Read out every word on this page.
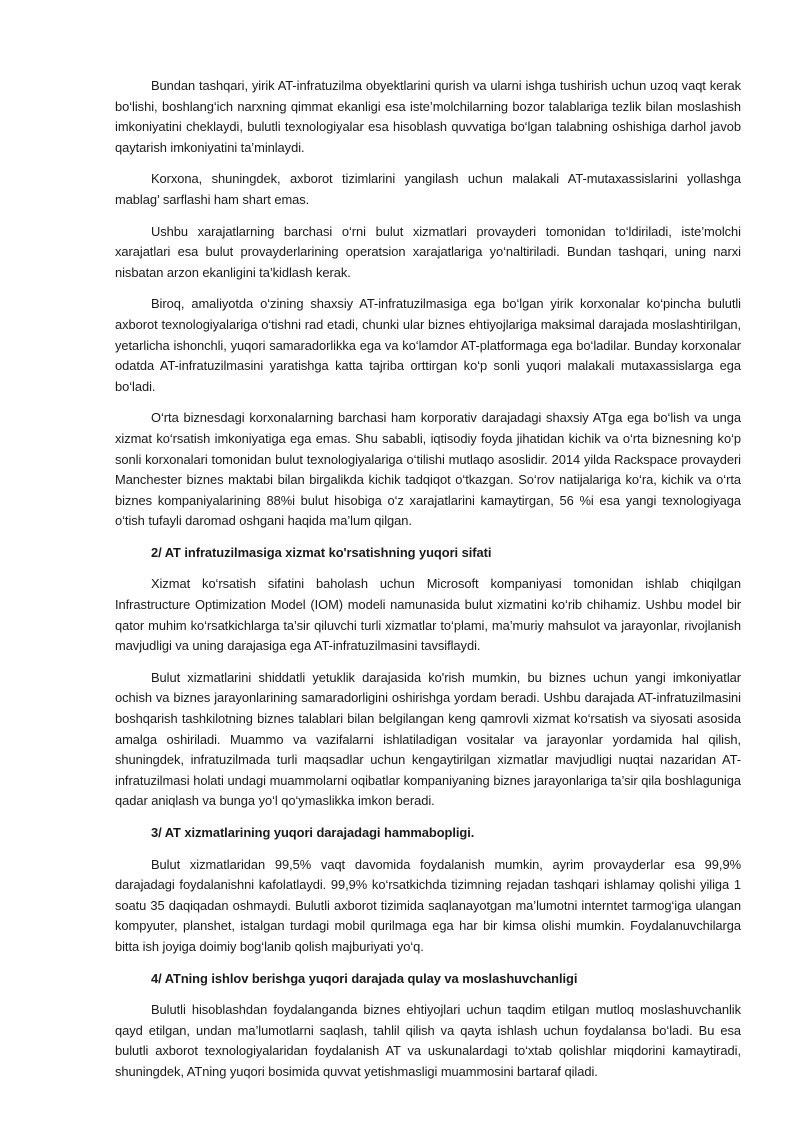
Bundan tashqari, yirik AT-infratuzilma obyektlarini qurish va ularni ishga tushirish uchun uzoq vaqt kerak bo‘lishi, boshlang‘ich narxning qimmat ekanligi esa iste’molchilarning bozor talablariga tezlik bilan moslashish imkoniyatini cheklaydi, bulutli texnologiyalar esa hisoblash quvvatiga bo‘lgan talabning oshishiga darhol javob qaytarish imkoniyatini ta’minlaydi.

Korxona, shuningdek, axborot tizimlarini yangilash uchun malakali AT-mutaxassislarini yollashga mablag’ sarflashi ham shart emas.

Ushbu xarajatlarning barchasi o‘rni bulut xizmatlari provayderi tomonidan to‘ldiriladi, iste’molchi xarajatlari esa bulut provayderlarining operatsion xarajatlariga yo‘naltiriladi. Bundan tashqari, uning narxi nisbatan arzon ekanligini ta’kidlash kerak.

Biroq, amaliyotda o‘zining shaxsiy AT-infratuzilmasiga ega bo‘lgan yirik korxonalar ko‘pincha bulutli axborot texnologiyalariga o‘tishni rad etadi, chunki ular biznes ehtiyojlariga maksimal darajada moslashtirilgan, yetarlicha ishonchli, yuqori samaradorlikka ega va ko‘lamdor AT-platformaga ega bo‘ladilar. Bunday korxonalar odatda AT-infratuzilmasini yaratishga katta tajriba orttirgan ko‘p sonli yuqori malakali mutaxassislarga ega bo‘ladi.

O‘rta biznesdagi korxonalarning barchasi ham korporativ darajadagi shaxsiy ATga ega bo‘lish va unga xizmat ko‘rsatish imkoniyatiga ega emas. Shu sababli, iqtisodiy foyda jihatidan kichik va o‘rta biznesning ko‘p sonli korxonalari tomonidan bulut texnologiyalariga o‘tilishi mutlaqo asoslidir. 2014 yilda Rackspace provayderi Manchester biznes maktabi bilan birgalikda kichik tadqiqot o‘tkazgan. So‘rov natijalariga ko‘ra, kichik va o‘rta biznes kompaniyalarining 88%i bulut hisobiga o‘z xarajatlarini kamaytirgan, 56 %i esa yangi texnologiyaga o‘tish tufayli daromad oshgani haqida ma’lum qilgan.

2/ AT infratuzilmasiga xizmat ko'rsatishning yuqori sifati

Xizmat ko‘rsatish sifatini baholash uchun Microsoft kompaniyasi tomonidan ishlab chiqilgan Infrastructure Optimization Model (IOM) modeli namunasida bulut xizmatini ko‘rib chihamiz. Ushbu model bir qator muhim ko‘rsatkichlarga ta’sir qiluvchi turli xizmatlar to‘plami, ma’muriy mahsulot va jarayonlar, rivojlanish mavjudligi va uning darajasiga ega AT-infratuzilmasini tavsiflaydi.

Bulut xizmatlarini shiddatli yetuklik darajasida ko'rish mumkin, bu biznes uchun yangi imkoniyatlar ochish va biznes jarayonlarining samaradorligini oshirishga yordam beradi. Ushbu darajada AT-infratuzilmasini boshqarish tashkilotning biznes talablari bilan belgilangan keng qamrovli xizmat ko‘rsatish va siyosati asosida amalga oshiriladi. Muammo va vazifalarni ishlatiladigan vositalar va jarayonlar yordamida hal qilish, shuningdek, infratuzilmada turli maqsadlar uchun kengaytirilgan xizmatlar mavjudligi nuqtai nazaridan AT-infratuzilmasi holati undagi muammolarni oqibatlar kompaniyaning biznes jarayonlariga ta’sir qila boshlaguniga qadar aniqlash va bunga yo‘l qo‘ymaslikka imkon beradi.

3/ AT xizmatlarining yuqori darajadagi hammabopligi.

Bulut xizmatlaridan 99,5% vaqt davomida foydalanish mumkin, ayrim provayderlar esa 99,9% darajadagi foydalanishni kafolatlaydi. 99,9% ko‘rsatkichda tizimning rejadan tashqari ishlamay qolishi yiliga 1 soatu 35 daqiqadan oshmaydi. Bulutli axborot tizimida saqlanayotgan ma’lumotni interntet tarmog‘iga ulangan kompyuter, planshet, istalgan turdagi mobil qurilmaga ega har bir kimsa olishi mumkin. Foydalanuvchilarga bitta ish joyiga doimiy bog‘lanib qolish majburiyati yo‘q.

4/ ATning ishlov berishga yuqori darajada qulay va moslashuvchanligi

Bulutli hisoblashdan foydalanganda biznes ehtiyojlari uchun taqdim etilgan mutloq moslashuvchanlik qayd etilgan, undan ma’lumotlarni saqlash, tahlil qilish va qayta ishlash uchun foydalansa bo‘ladi. Bu esa bulutli axborot texnologiyalaridan foydalanish AT va uskunalardagi to‘xtab qolishlar miqdorini kamaytiradi, shuningdek, ATning yuqori bosimida quvvat yetishmasligi muammosini bartaraf qiladi.
